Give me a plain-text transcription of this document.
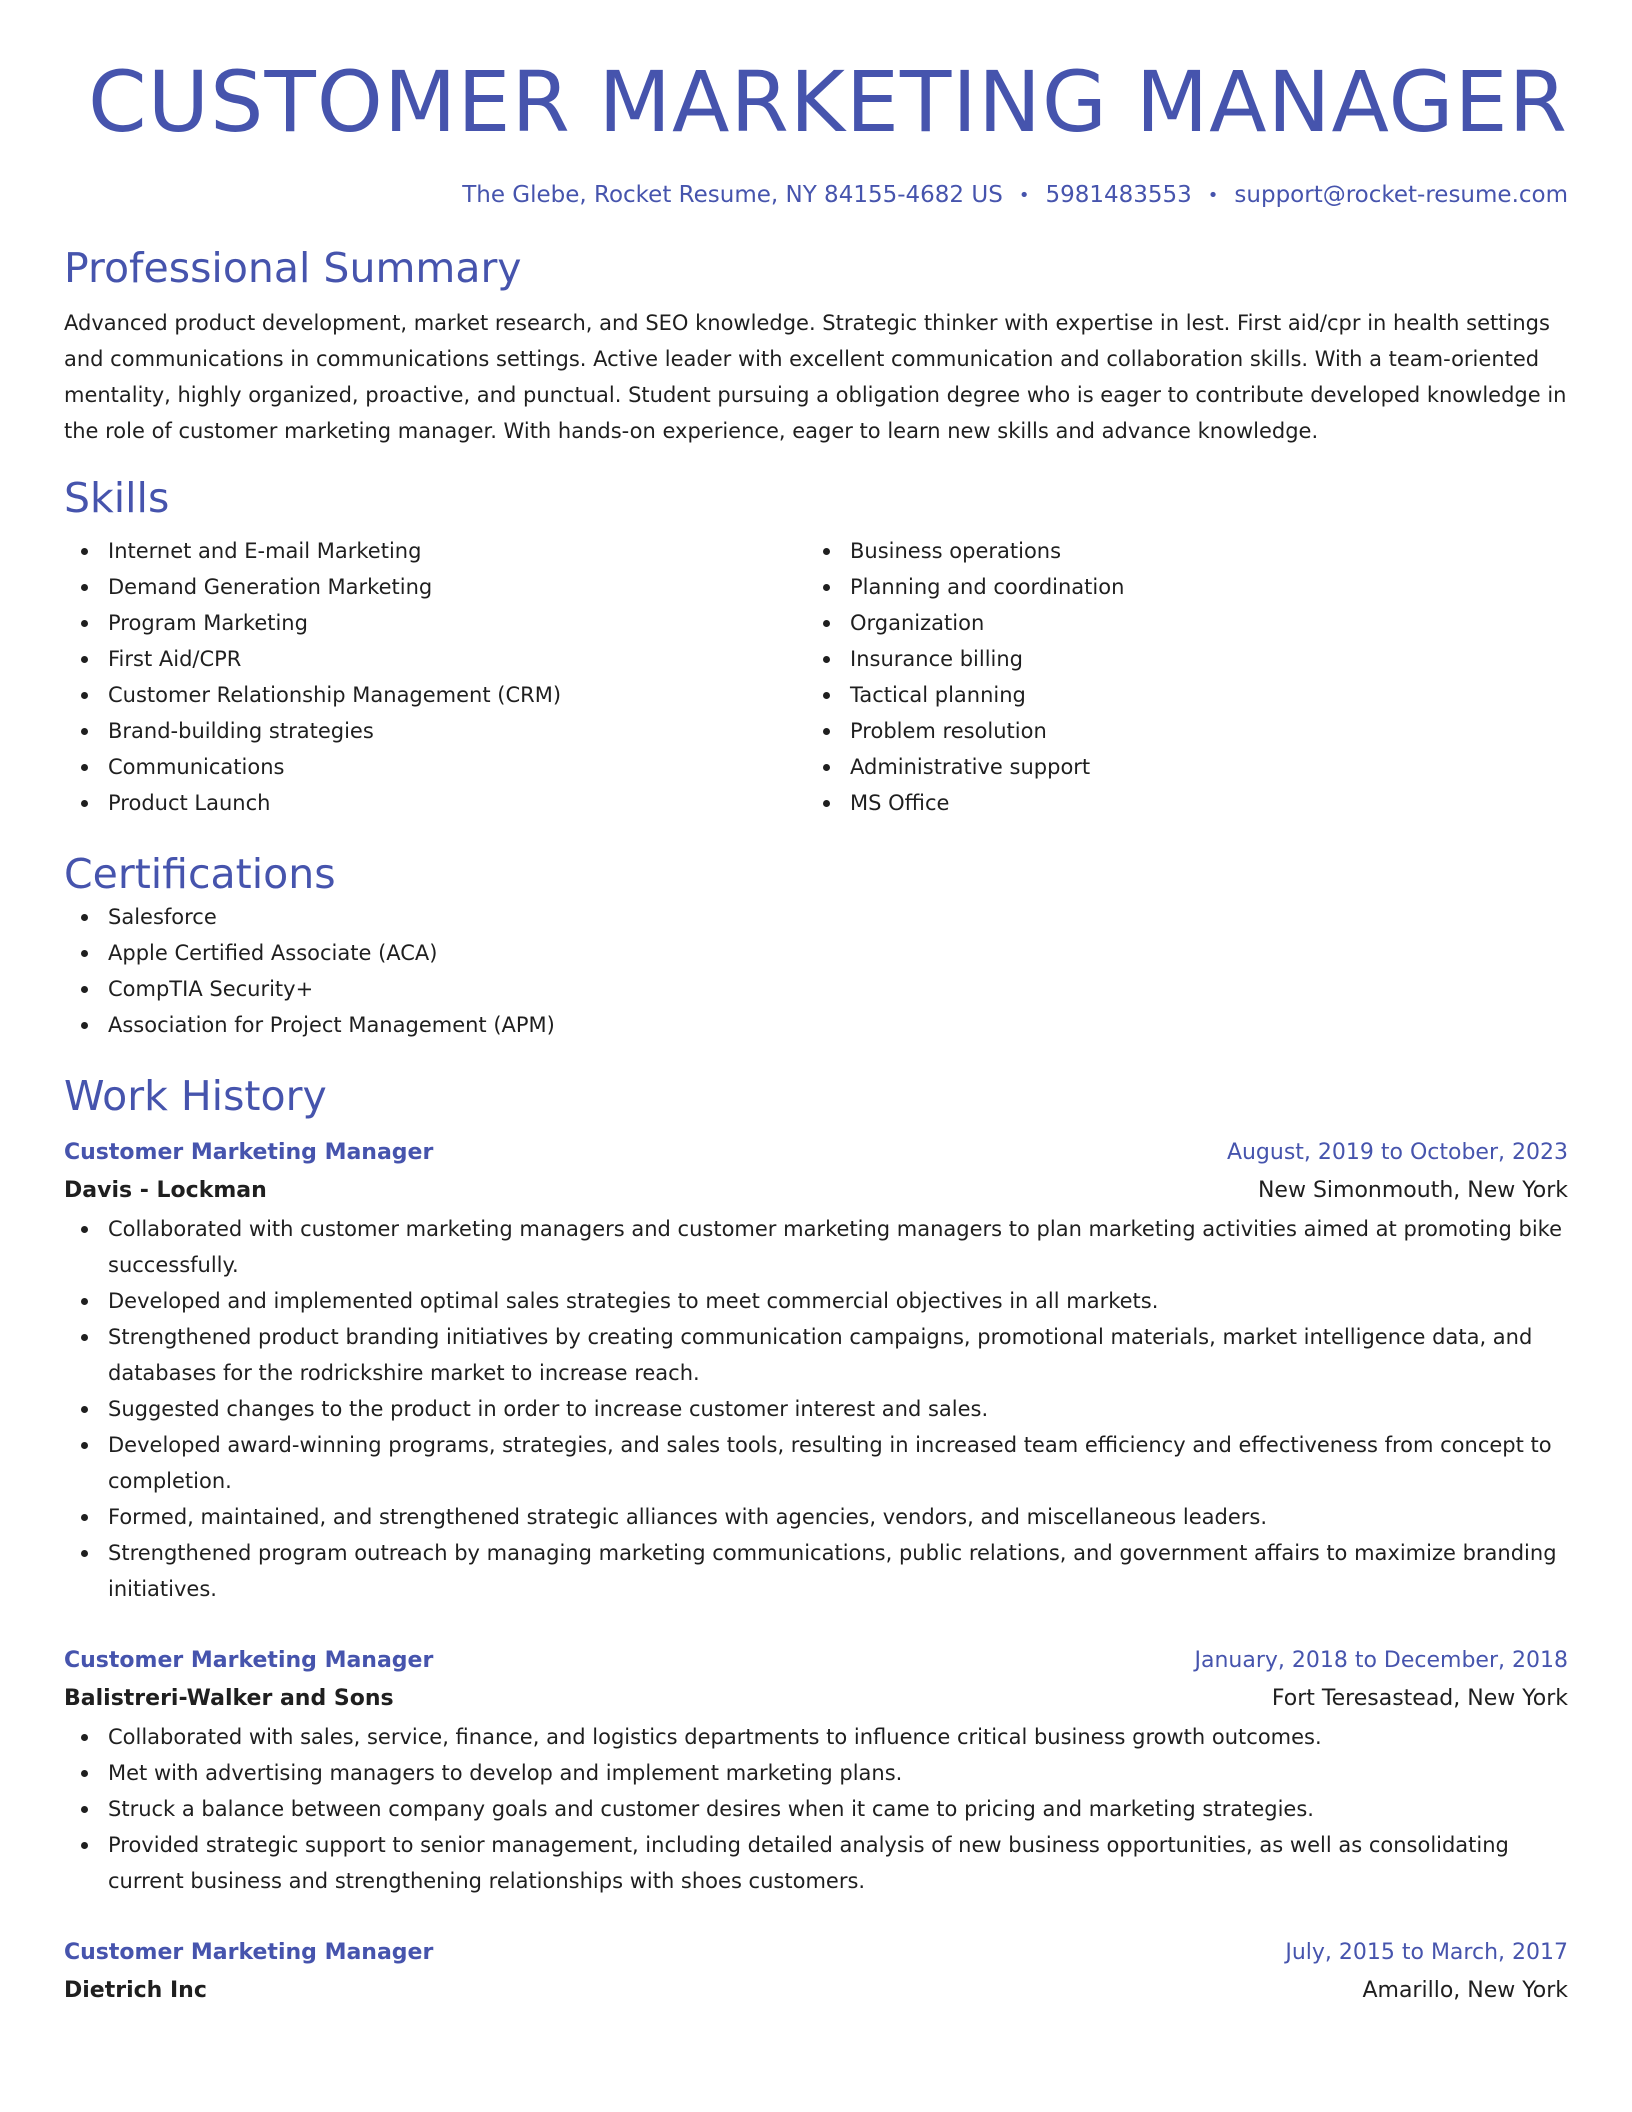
CUSTOMER MARKETING MANAGER
The Glebe, Rocket Resume, NY 84155-4682 US • 5981483553 • support@rocket-resume.com
Professional Summary
Advanced product development, market research, and SEO knowledge. Strategic thinker with expertise in lest. First aid/cpr in health settings and communications in communications settings. Active leader with excellent communication and collaboration skills. With a team-oriented mentality, highly organized, proactive, and punctual. Student pursuing a obligation degree who is eager to contribute developed knowledge in the role of customer marketing manager. With hands-on experience, eager to learn new skills and advance knowledge.
Skills
Internet and E-mail Marketing
Demand Generation Marketing
Program Marketing
First Aid/CPR
Customer Relationship Management (CRM)
Brand-building strategies
Communications
Product Launch
Business operations
Planning and coordination
Organization
Insurance billing
Tactical planning
Problem resolution
Administrative support
MS Office
Certifications
Salesforce
Apple Certified Associate (ACA)
CompTIA Security+
Association for Project Management (APM)
Work History
Customer Marketing Manager	August, 2019 to October, 2023
Davis - Lockman	New Simonmouth, New York
Collaborated with customer marketing managers and customer marketing managers to plan marketing activities aimed at promoting bike successfully.
Developed and implemented optimal sales strategies to meet commercial objectives in all markets.
Strengthened product branding initiatives by creating communication campaigns, promotional materials, market intelligence data, and databases for the rodrickshire market to increase reach.
Suggested changes to the product in order to increase customer interest and sales.
Developed award-winning programs, strategies, and sales tools, resulting in increased team efficiency and effectiveness from concept to completion.
Formed, maintained, and strengthened strategic alliances with agencies, vendors, and miscellaneous leaders.
Strengthened program outreach by managing marketing communications, public relations, and government affairs to maximize branding initiatives.
Customer Marketing Manager	January, 2018 to December, 2018
Balistreri-Walker and Sons	Fort Teresastead, New York
Collaborated with sales, service, finance, and logistics departments to influence critical business growth outcomes.
Met with advertising managers to develop and implement marketing plans.
Struck a balance between company goals and customer desires when it came to pricing and marketing strategies.
Provided strategic support to senior management, including detailed analysis of new business opportunities, as well as consolidating current business and strengthening relationships with shoes customers.
Customer Marketing Manager	July, 2015 to March, 2017
Dietrich Inc	Amarillo, New York
